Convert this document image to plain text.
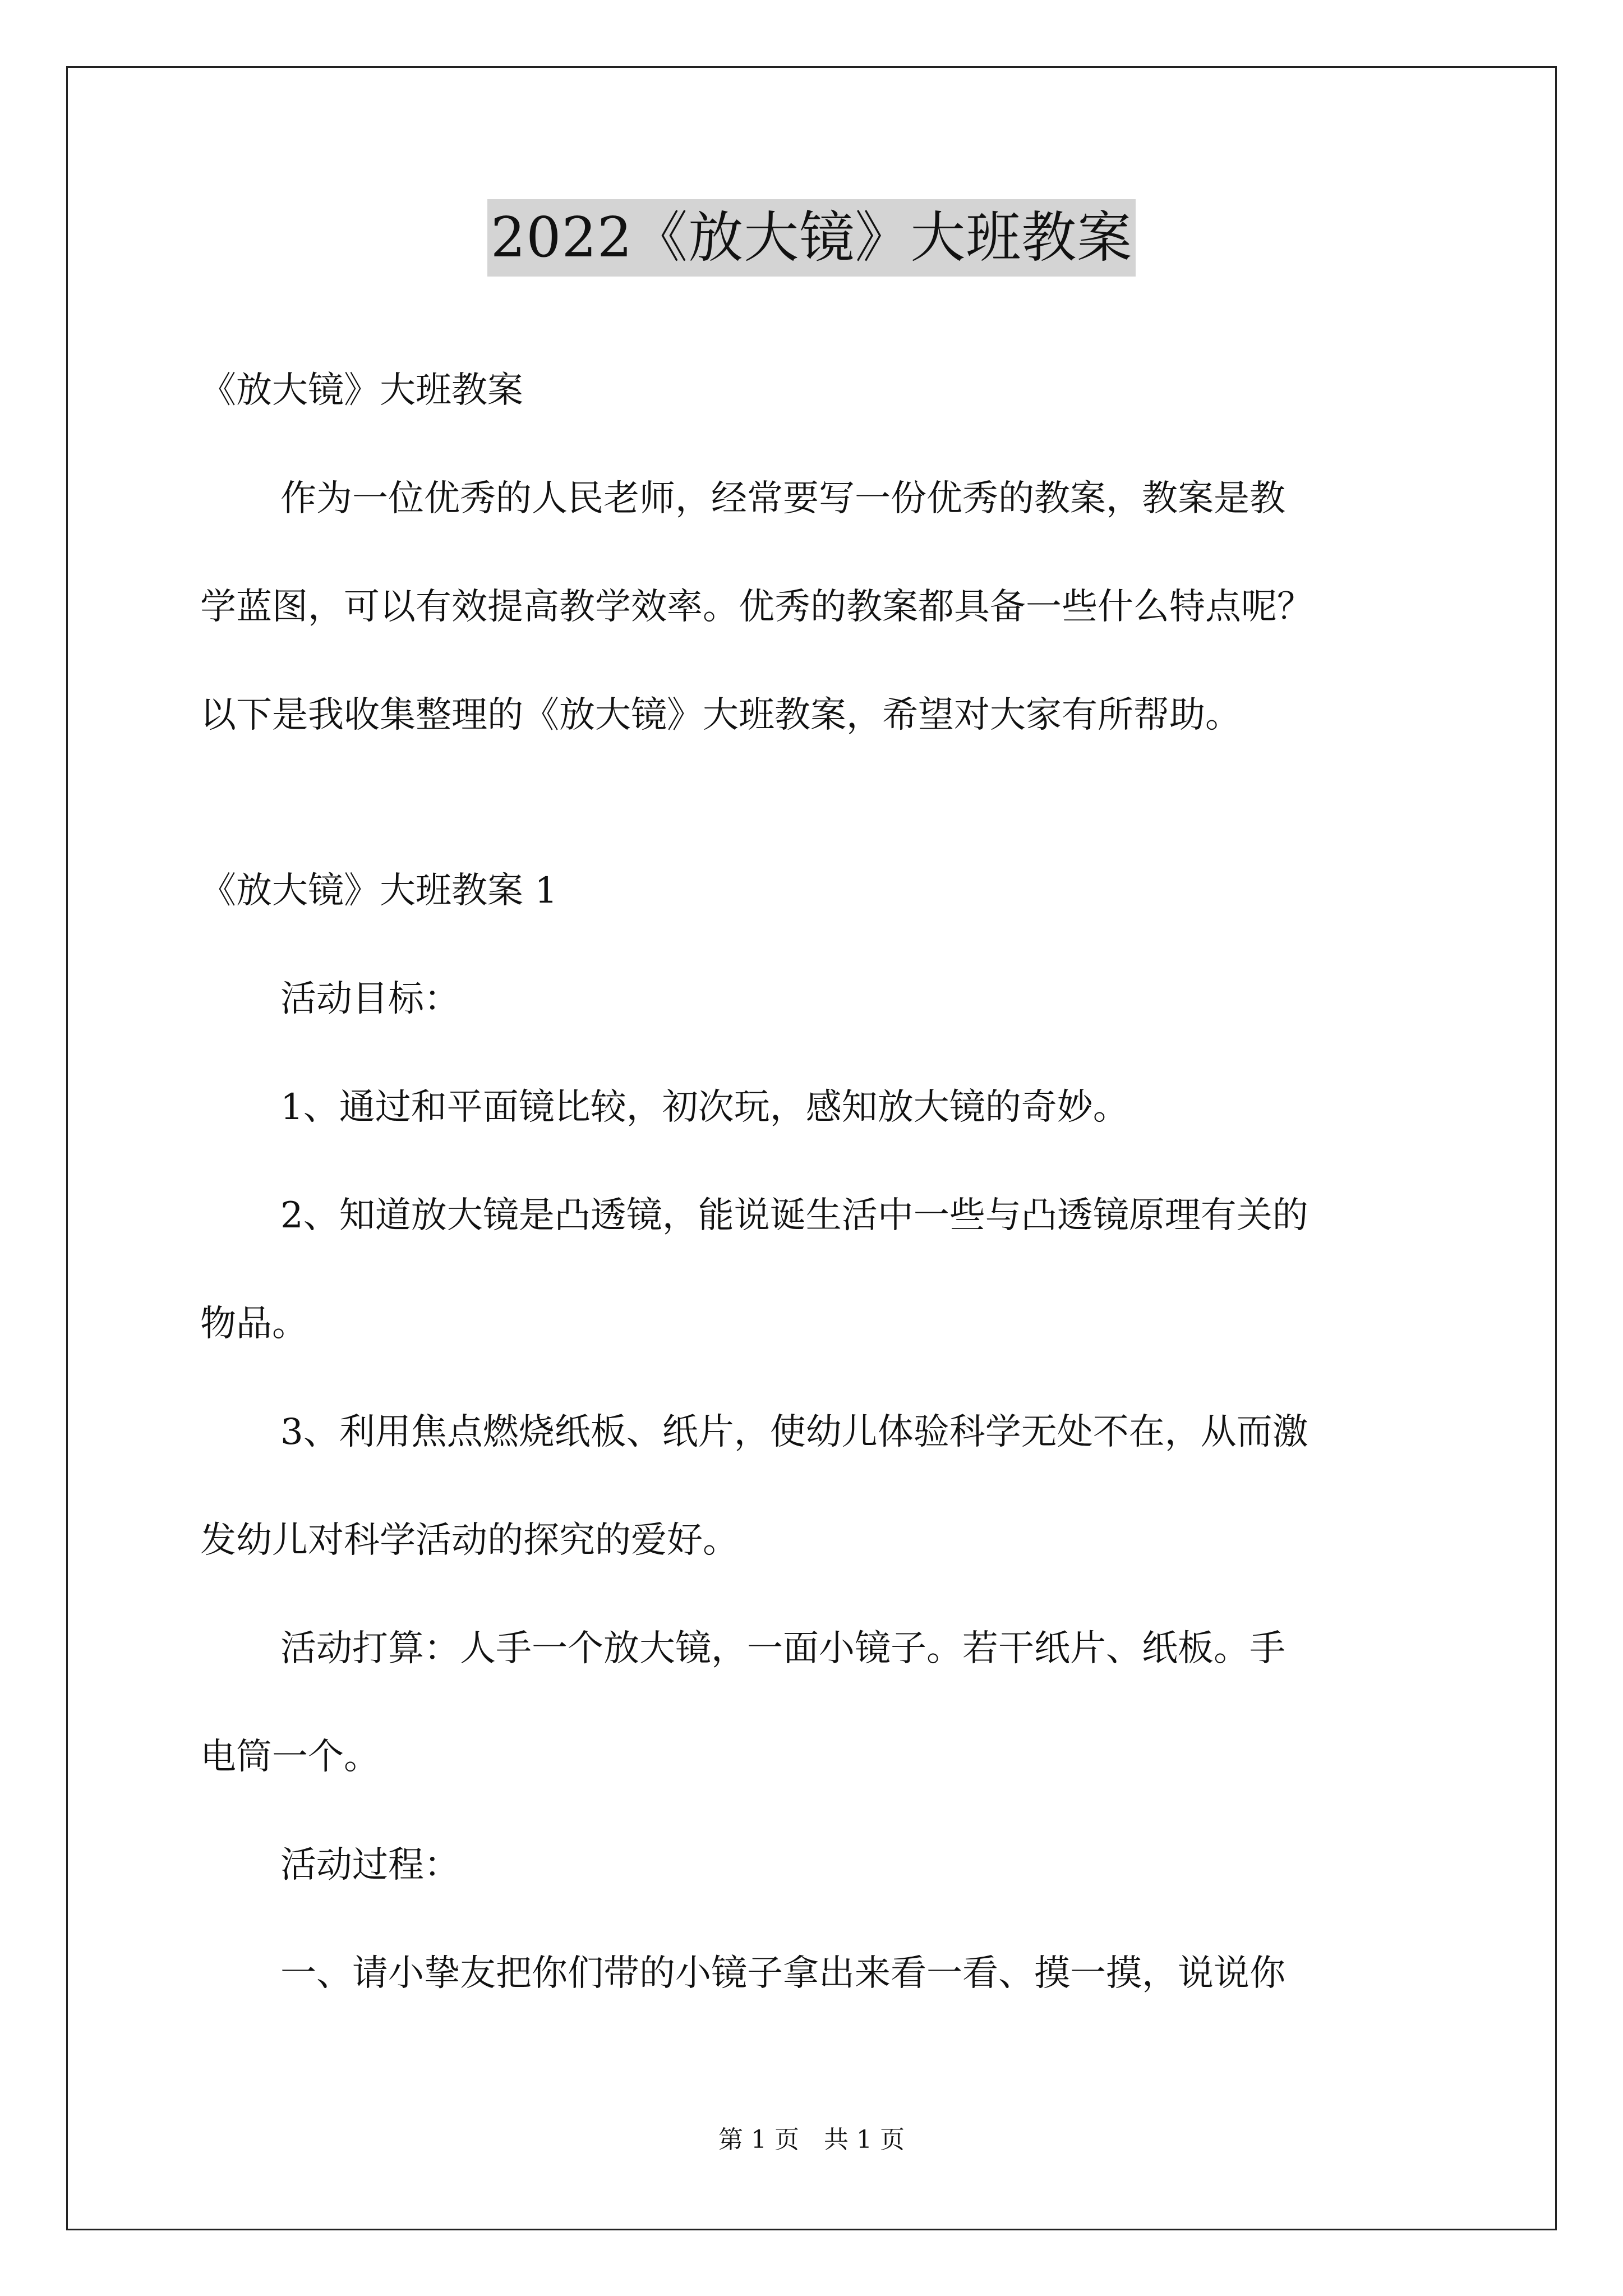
2022《放大镜》大班教案

《放大镜》大班教案

作为一位优秀的人民老师，经常要写一份优秀的教案，教案是教

学蓝图，可以有效提高教学效率。优秀的教案都具备一些什么特点呢？

以下是我收集整理的《放大镜》大班教案，希望对大家有所帮助。

《放大镜》大班教案 1

活动目标：

1、通过和平面镜比较，初次玩，感知放大镜的奇妙。

2、知道放大镜是凸透镜，能说诞生活中一些与凸透镜原理有关的

物品。

3、利用焦点燃烧纸板、纸片，使幼儿体验科学无处不在，从而激

发幼儿对科学活动的探究的爱好。

活动打算：人手一个放大镜，一面小镜子。若干纸片、纸板。手

电筒一个。

活动过程：

一、请小挚友把你们带的小镜子拿出来看一看、摸一摸，说说你

第 1 页 共 1 页
